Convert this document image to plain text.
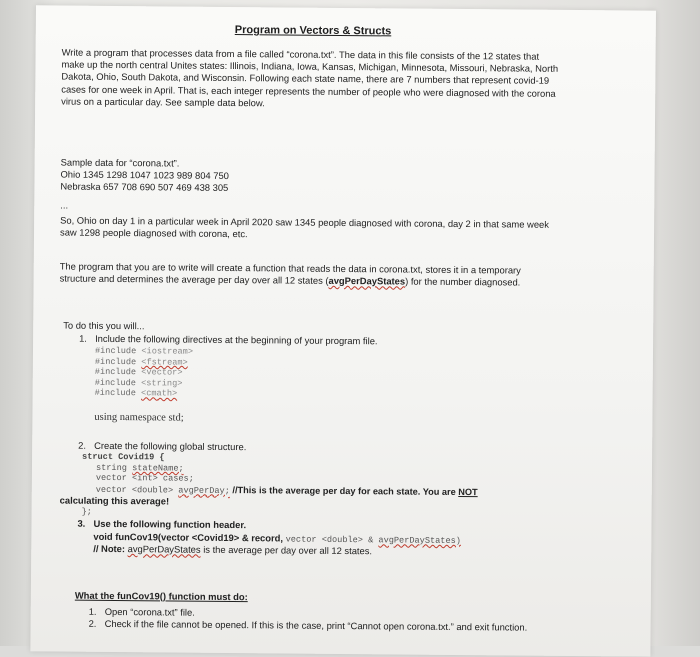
Program on Vectors & Structs
Write a program that processes data from a file called “corona.txt”. The data in this file consists of the 12 states that make up the north central Unites states: Illinois, Indiana, Iowa, Kansas, Michigan, Minnesota, Missouri, Nebraska, North Dakota, Ohio, South Dakota, and Wisconsin. Following each state name, there are 7 numbers that represent covid-19 cases for one week in April. That is, each integer represents the number of people who were diagnosed with the corona virus on a particular day. See sample data below.
Sample data for “corona.txt”.
Ohio 1345 1298 1047 1023 989 804 750
Nebraska 657 708 690 507 469 438 305
...
So, Ohio on day 1 in a particular week in April 2020 saw 1345 people diagnosed with corona, day 2 in that same week saw 1298 people diagnosed with corona, etc.
The program that you are to write will create a function that reads the data in corona.txt, stores it in a temporary structure and determines the average per day over all 12 states (avgPerDayStates) for the number diagnosed.
To do this you will...
1. Include the following directives at the beginning of your program file.
#include <iostream>
#include <fstream>
#include <vector>
#include <string>
#include <cmath>
using namespace std;
2. Create the following global structure.
struct Covid19 {
string stateName;
vector <int> cases;
vector <double> avgPerDay; //This is the average per day for each state. You are NOT
calculating this average!
};
3. Use the following function header.
void funCov19(vector <Covid19> & record, vector <double> & avgPerDayStates)
// Note: avgPerDayStates is the average per day over all 12 states.
What the funCov19() function must do:
1. Open “corona.txt” file.
2. Check if the file cannot be opened. If this is the case, print “Cannot open corona.txt.” and exit function.
